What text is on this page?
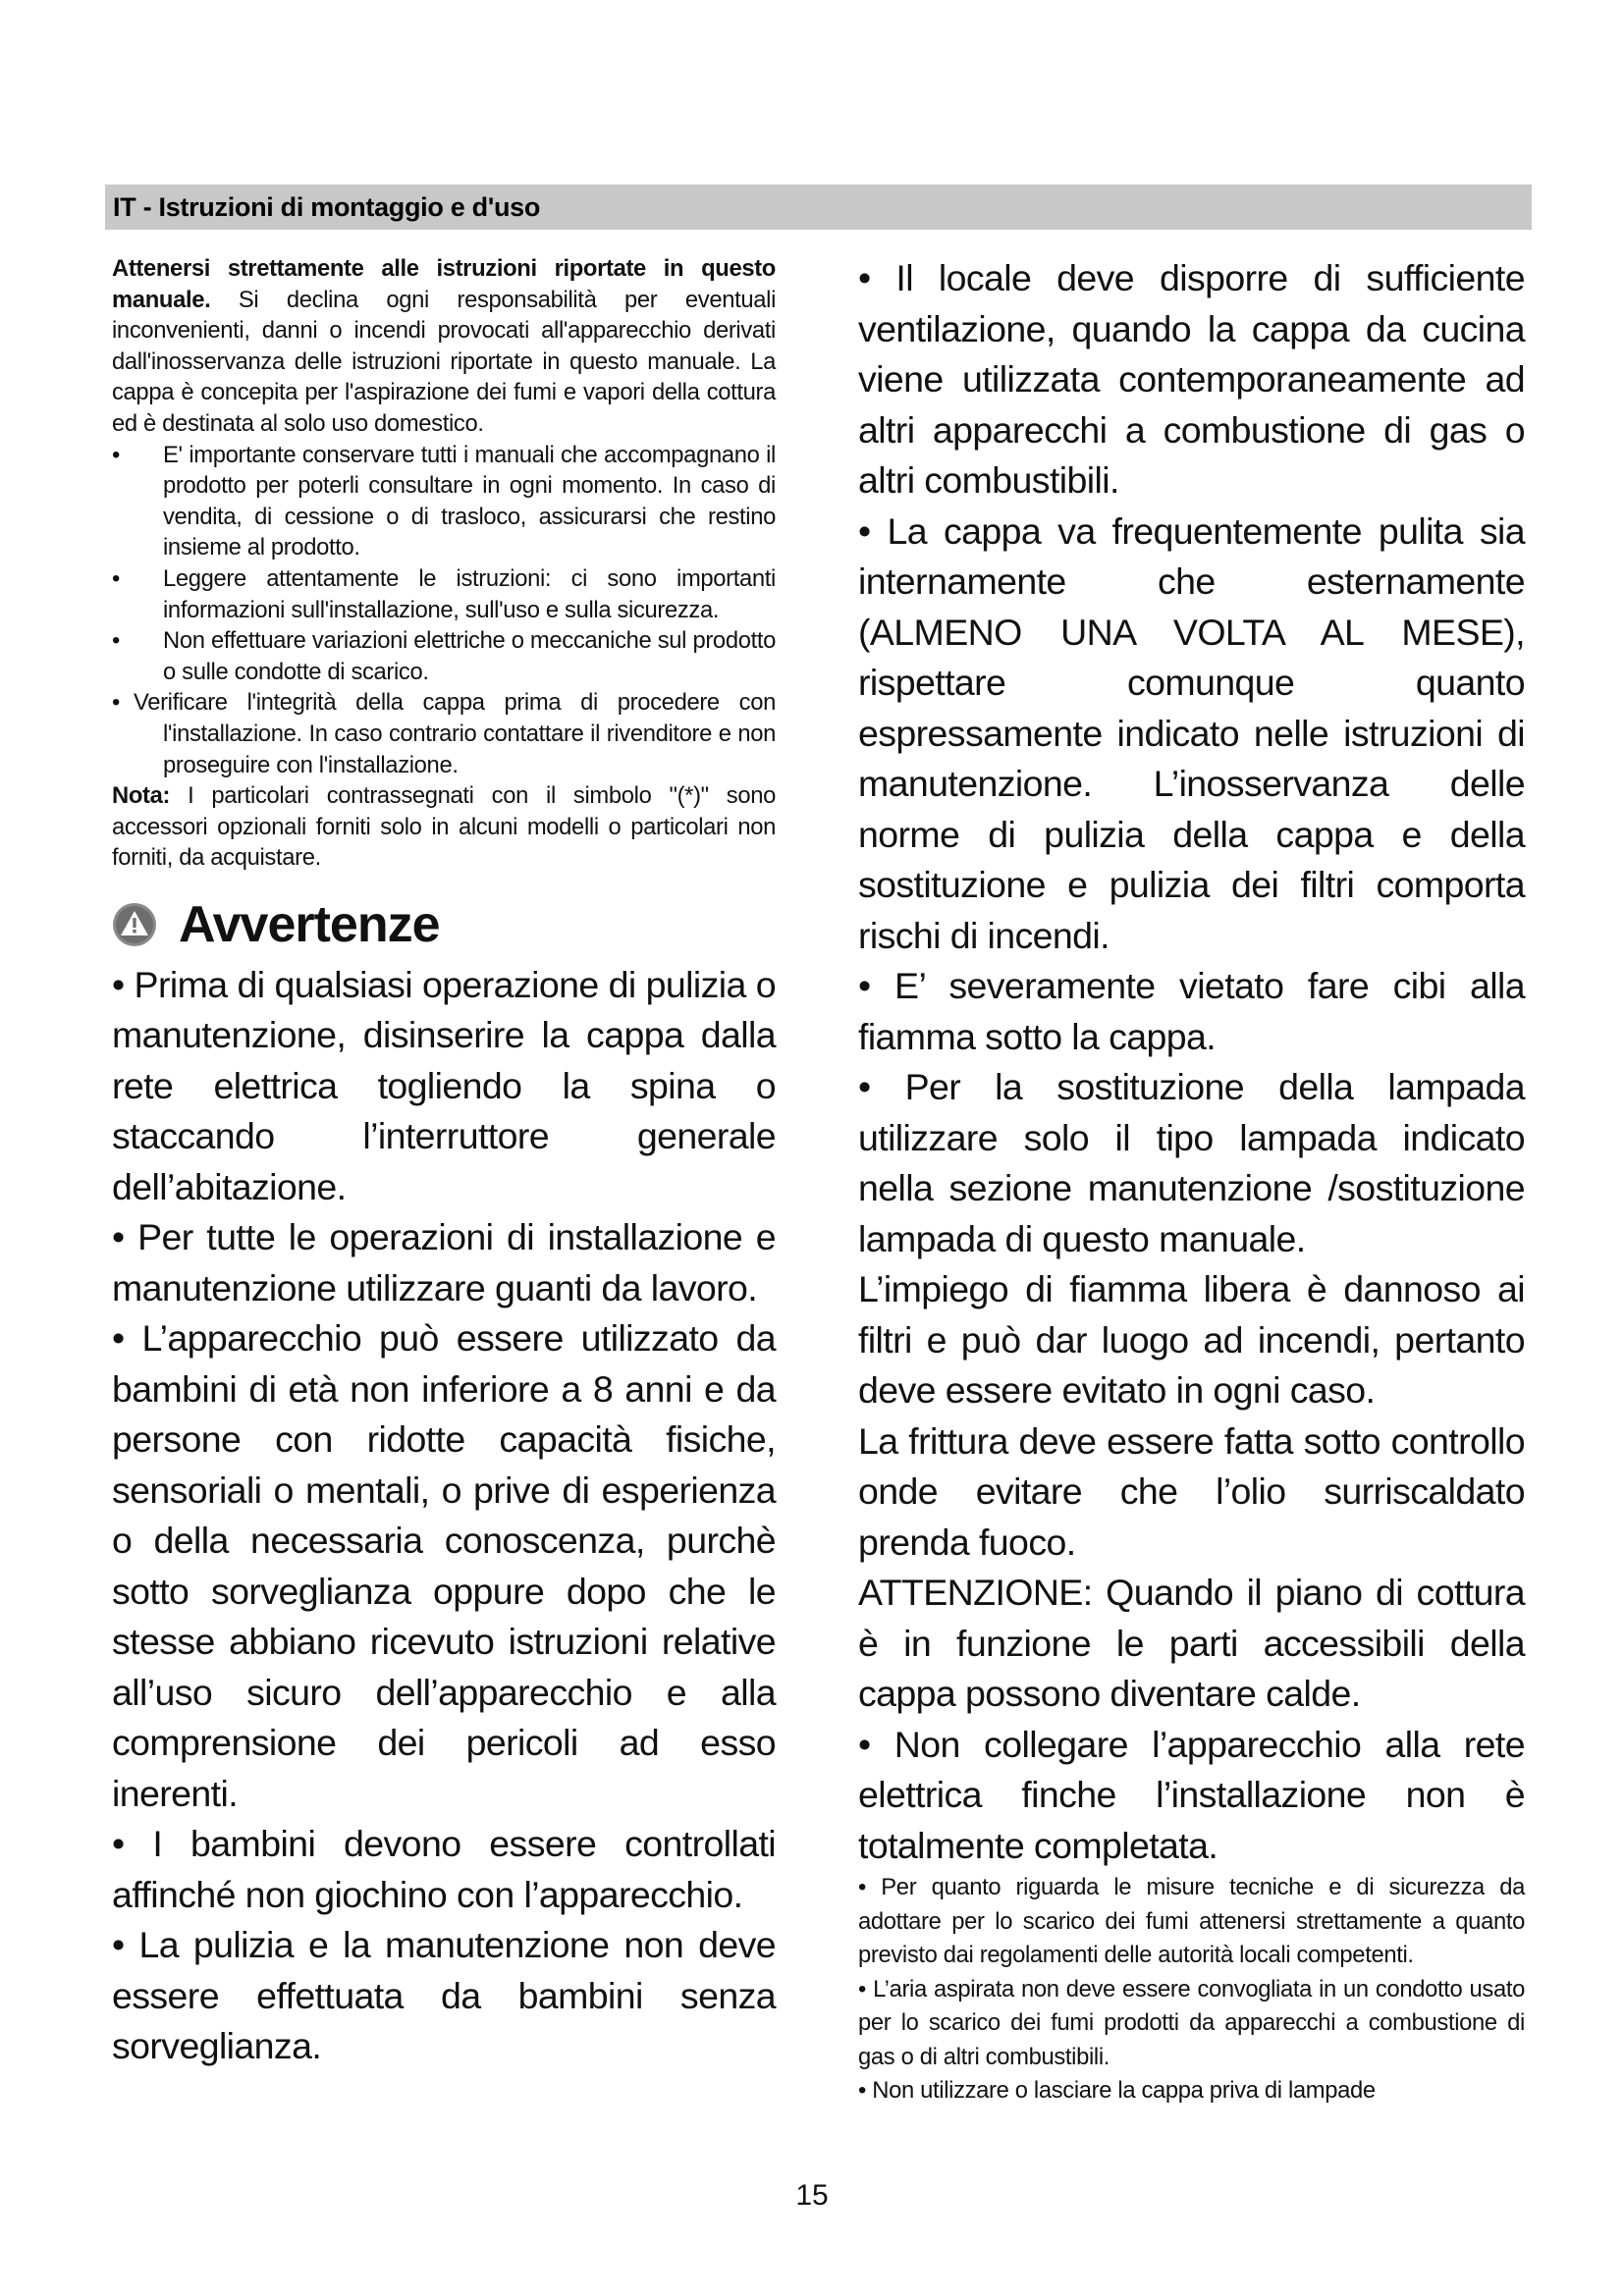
IT - Istruzioni di montaggio e d'uso

Attenersi strettamente alle istruzioni riportate in questo manuale. Si declina ogni responsabilità per eventuali inconvenienti, danni o incendi provocati all'apparecchio derivati dall'inosservanza delle istruzioni riportate in questo manuale. La cappa è concepita per l'aspirazione dei fumi e vapori della cottura ed è destinata al solo uso domestico.

• E' importante conservare tutti i manuali che accompagnano il prodotto per poterli consultare in ogni momento. In caso di vendita, di cessione o di trasloco, assicurarsi che restino insieme al prodotto.

• Leggere attentamente le istruzioni: ci sono importanti informazioni sull'installazione, sull'uso e sulla sicurezza.

• Non effettuare variazioni elettriche o meccaniche sul prodotto o sulle condotte di scarico.

• Verificare l'integrità della cappa prima di procedere con l'installazione. In caso contrario contattare il rivenditore e non proseguire con l'installazione.

Nota: I particolari contrassegnati con il simbolo "(*)" sono accessori opzionali forniti solo in alcuni modelli o particolari non forniti, da acquistare.

Avvertenze

• Prima di qualsiasi operazione di pulizia o manutenzione, disinserire la cappa dalla rete elettrica togliendo la spina o staccando l’interruttore generale dell’abitazione.

• Per tutte le operazioni di installazione e manutenzione utilizzare guanti da lavoro.

• L’apparecchio può essere utilizzato da bambini di età non inferiore a 8 anni e da persone con ridotte capacità fisiche, sensoriali o mentali, o prive di esperienza o della necessaria conoscenza, purchè sotto sorveglianza oppure dopo che le stesse abbiano ricevuto istruzioni relative all’uso sicuro dell’apparecchio e alla comprensione dei pericoli ad esso inerenti.

• I bambini devono essere controllati affinché non giochino con l’apparecchio.

• La pulizia e la manutenzione non deve essere effettuata da bambini senza sorveglianza.

• Il locale deve disporre di sufficiente ventilazione, quando la cappa da cucina viene utilizzata contemporaneamente ad altri apparecchi a combustione di gas o altri combustibili.

• La cappa va frequentemente pulita sia internamente che esternamente (ALMENO UNA VOLTA AL MESE), rispettare comunque quanto espressamente indicato nelle istruzioni di manutenzione. L’inosservanza delle norme di pulizia della cappa e della sostituzione e pulizia dei filtri comporta rischi di incendi.

• E’ severamente vietato fare cibi alla fiamma sotto la cappa.

• Per la sostituzione della lampada utilizzare solo il tipo lampada indicato nella sezione manutenzione /sostituzione lampada di questo manuale.

L’impiego di fiamma libera è dannoso ai filtri e può dar luogo ad incendi, pertanto deve essere evitato in ogni caso.

La frittura deve essere fatta sotto controllo onde evitare che l’olio surriscaldato prenda fuoco.

ATTENZIONE: Quando il piano di cottura è in funzione le parti accessibili della cappa possono diventare calde.

• Non collegare l’apparecchio alla rete elettrica finche l’installazione non è totalmente completata.

• Per quanto riguarda le misure tecniche e di sicurezza da adottare per lo scarico dei fumi attenersi strettamente a quanto previsto dai regolamenti delle autorità locali competenti.

• L’aria aspirata non deve essere convogliata in un condotto usato per lo scarico dei fumi prodotti da apparecchi a combustione di gas o di altri combustibili.

• Non utilizzare o lasciare la cappa priva di lampade

15
